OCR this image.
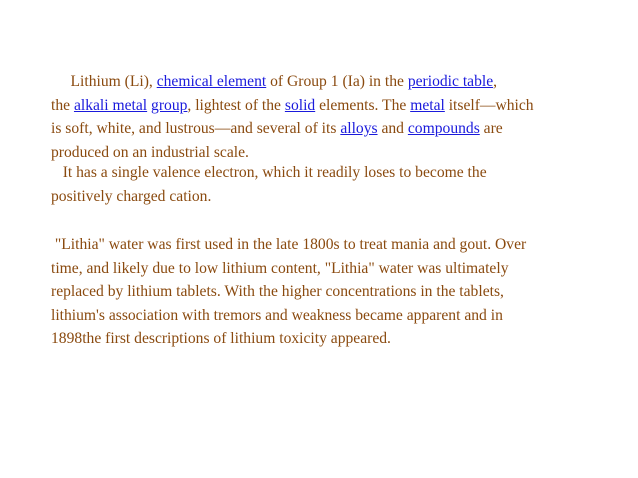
Lithium (Li), chemical element of Group 1 (Ia) in the periodic table,
the alkali metal group, lightest of the solid elements. The metal itself—which
is soft, white, and lustrous—and several of its alloys and compounds are
produced on an industrial scale.

It has a single valence electron, which it readily loses to become the
positively charged cation.

"Lithia" water was first used in the late 1800s to treat mania and gout. Over
time, and likely due to low lithium content, "Lithia" water was ultimately
replaced by lithium tablets. With the higher concentrations in the tablets,
lithium's association with tremors and weakness became apparent and in
1898the first descriptions of lithium toxicity appeared.
